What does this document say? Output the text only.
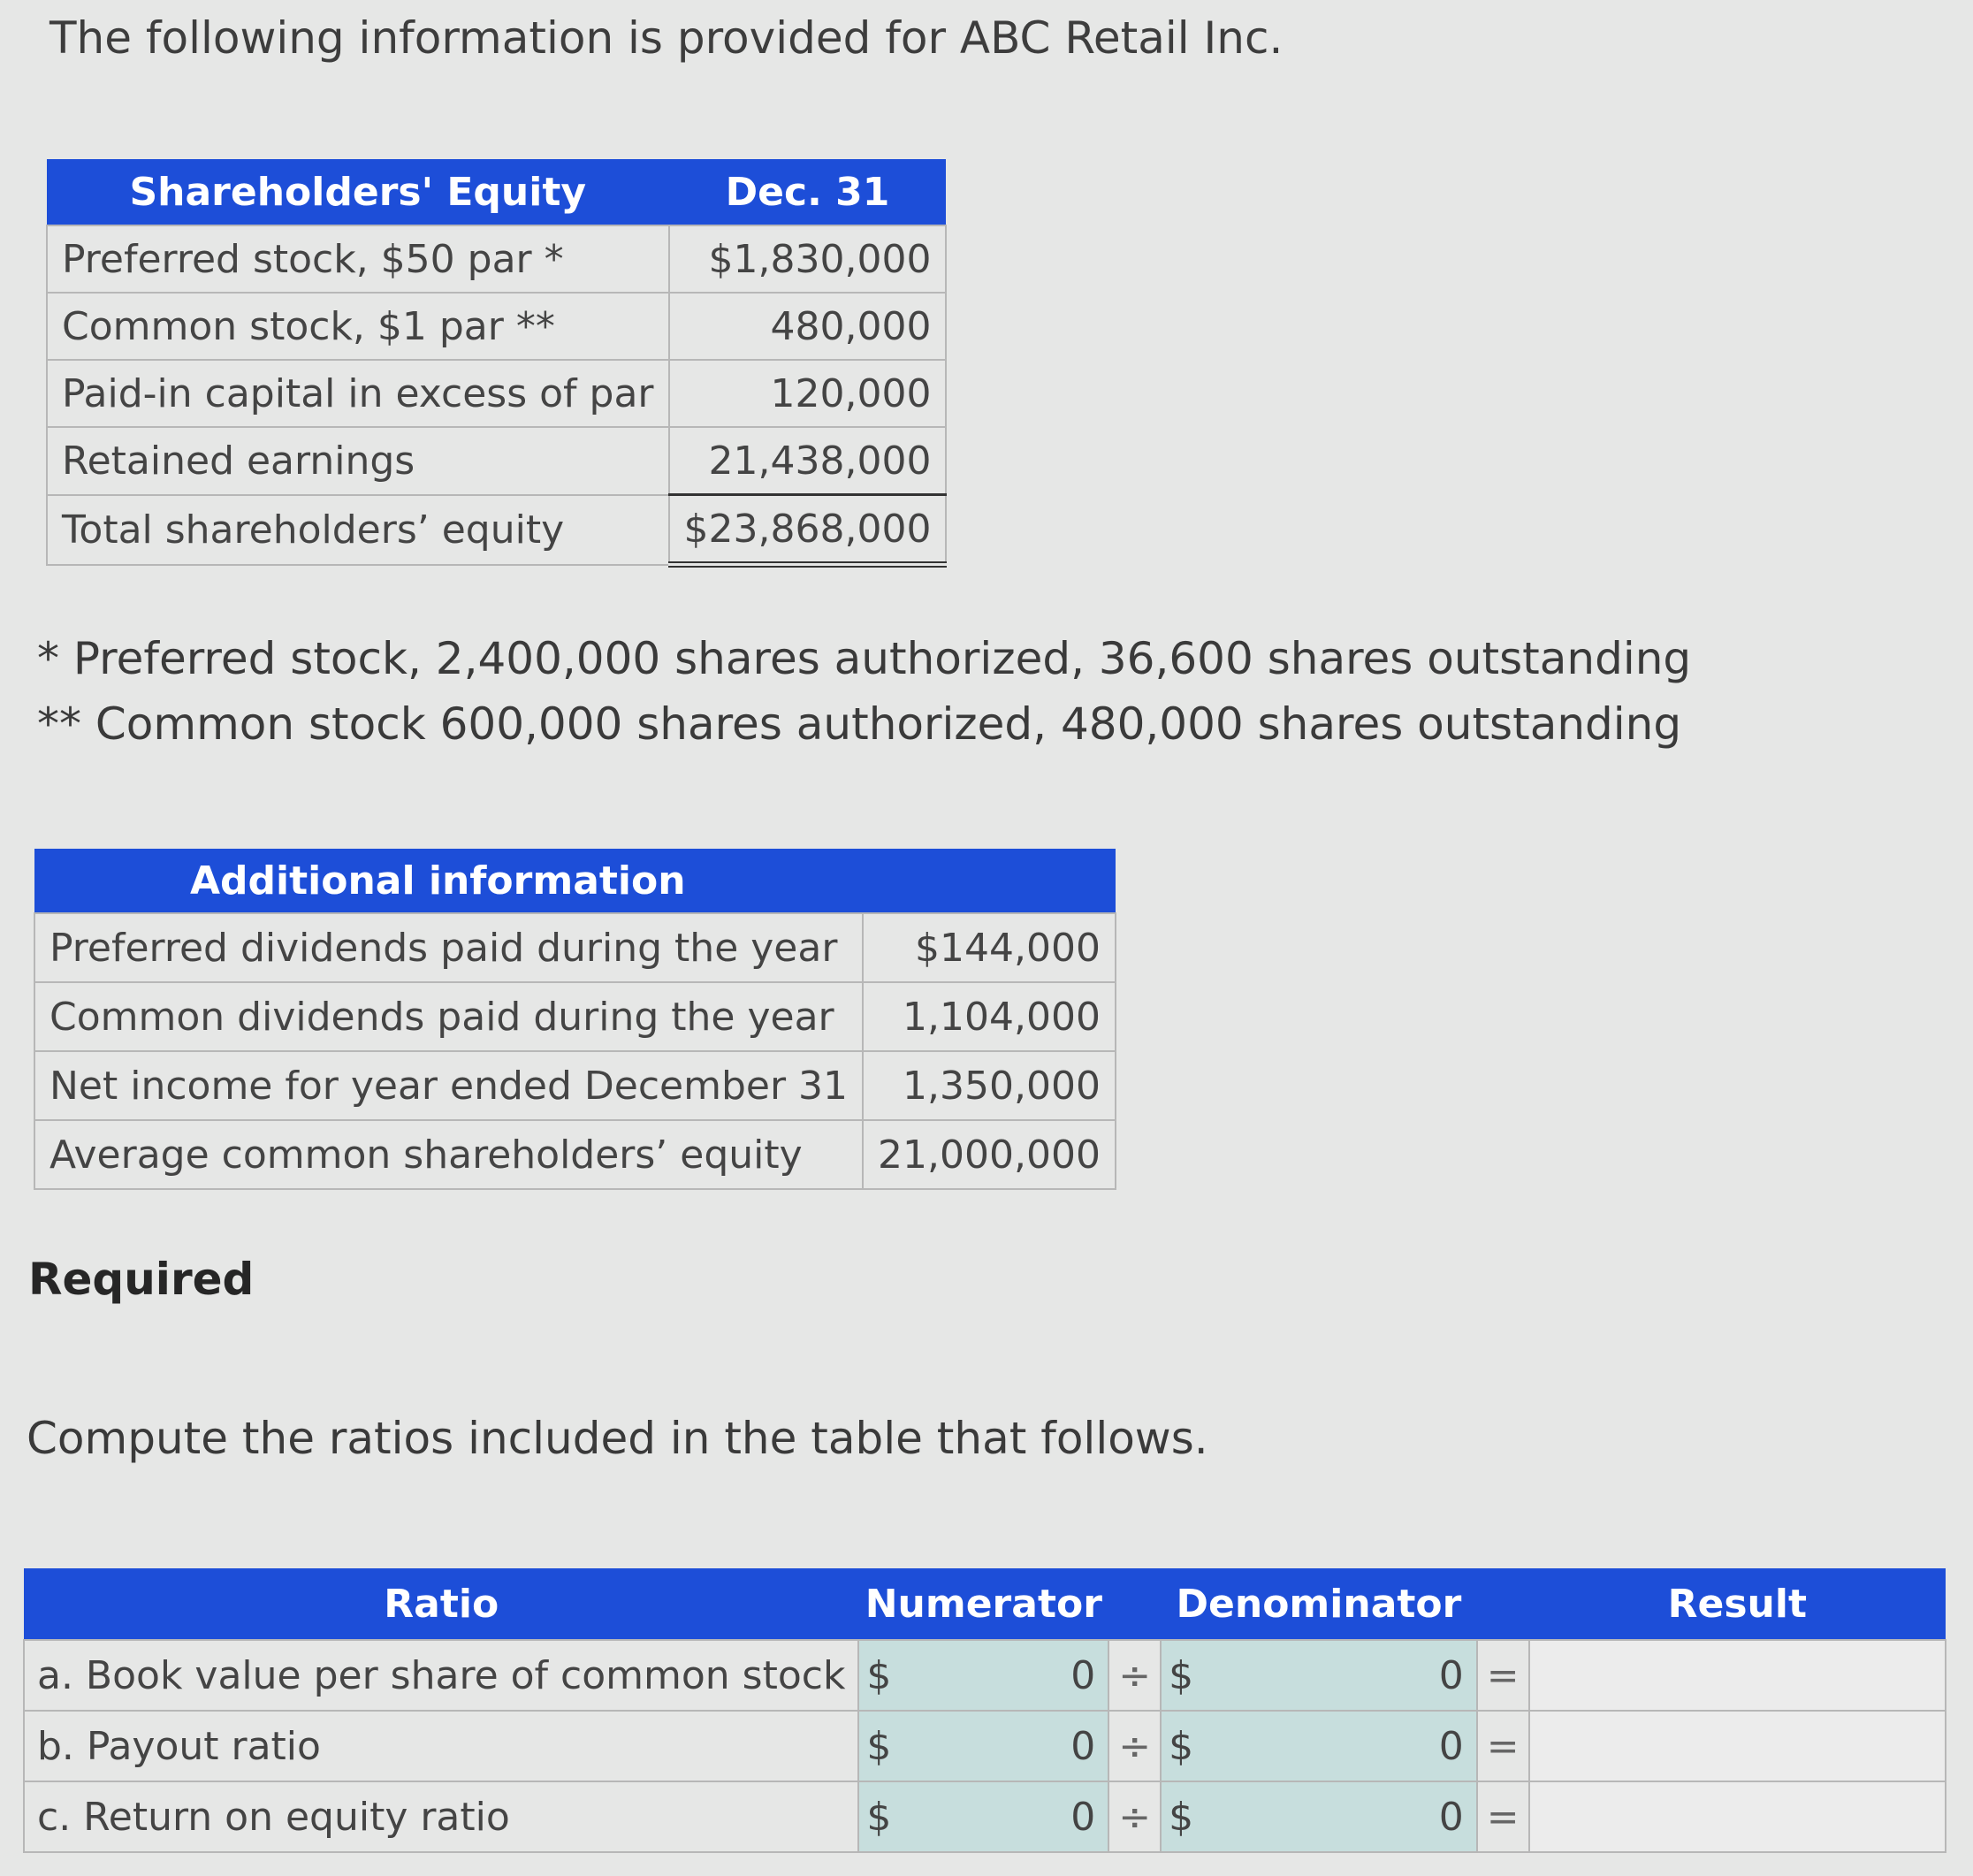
The following information is provided for ABC Retail Inc.
Shareholders' Equity	Dec. 31
Preferred stock, $50 par *	$1,830,000
Common stock, $1 par **	480,000
Paid-in capital in excess of par	120,000
Retained earnings	21,438,000
Total shareholders’ equity	$23,868,000
* Preferred stock, 2,400,000 shares authorized, 36,600 shares outstanding
** Common stock 600,000 shares authorized, 480,000 shares outstanding
Additional information	
Preferred dividends paid during the year	$144,000
Common dividends paid during the year	1,104,000
Net income for year ended December 31	1,350,000
Average common shareholders’ equity	21,000,000
Required
Compute the ratios included in the table that follows.
Ratio	Numerator			Denominator			Result
a. Book value per share of common stock	$	0	÷	$	0	=	
b. Payout ratio	$	0	÷	$	0	=	
c. Return on equity ratio	$	0	÷	$	0	=	
